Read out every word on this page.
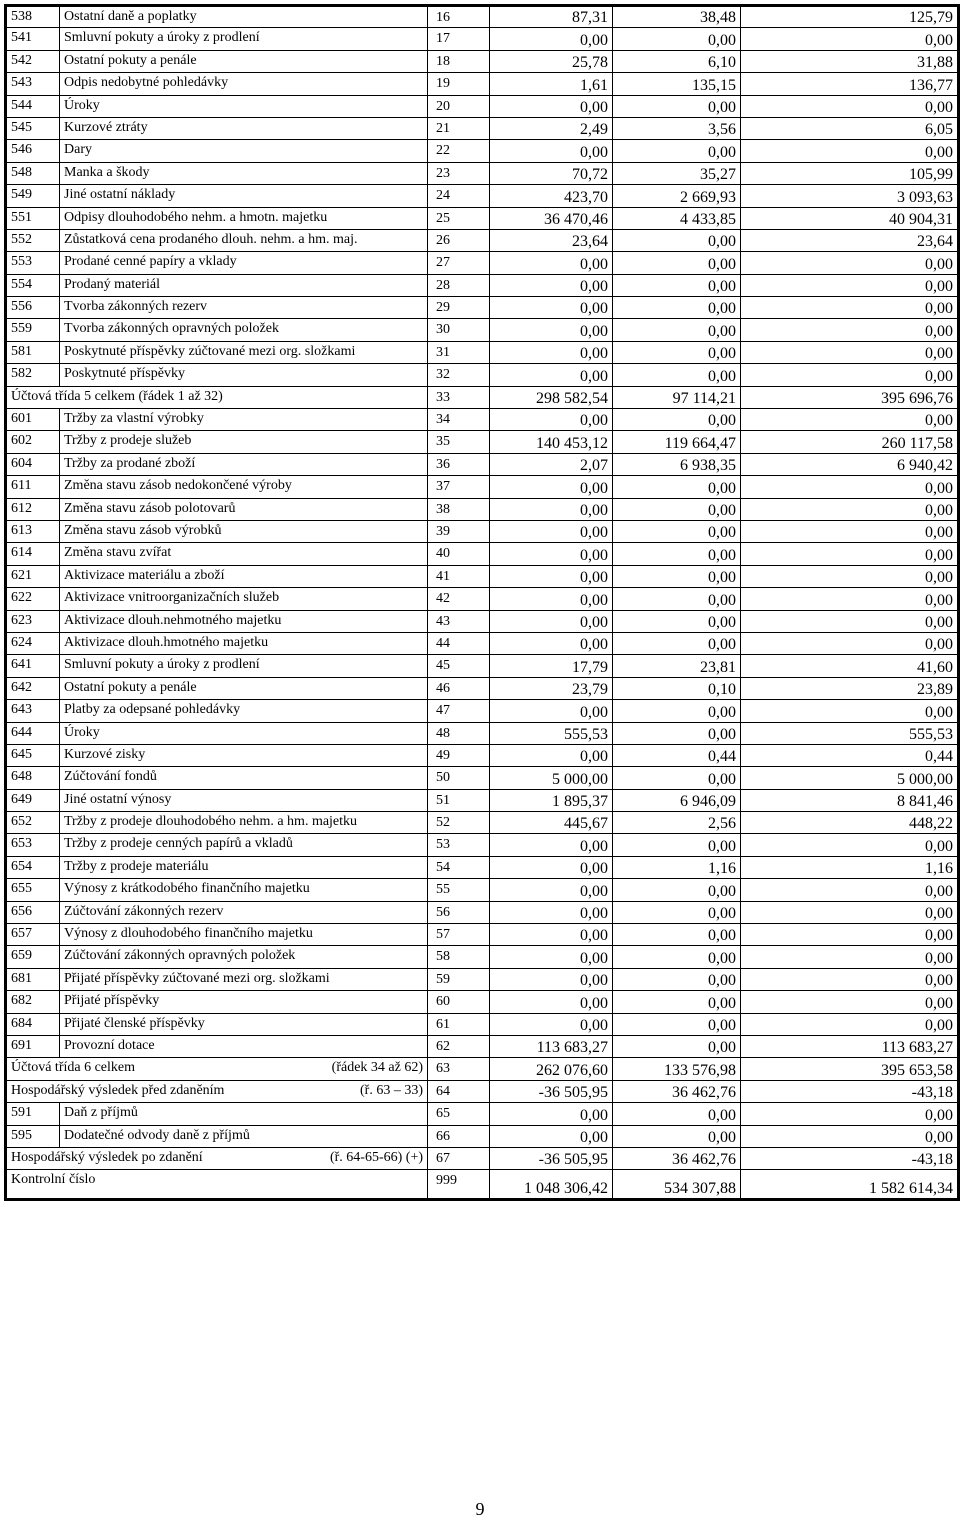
538	Ostatní daně a poplatky	16	87,31	38,48	125,79
541	Smluvní pokuty a úroky z prodlení	17	0,00	0,00	0,00
542	Ostatní pokuty a penále	18	25,78	6,10	31,88
543	Odpis nedobytné pohledávky	19	1,61	135,15	136,77
544	Úroky	20	0,00	0,00	0,00
545	Kurzové ztráty	21	2,49	3,56	6,05
546	Dary	22	0,00	0,00	0,00
548	Manka a škody	23	70,72	35,27	105,99
549	Jiné ostatní náklady	24	423,70	2 669,93	3 093,63
551	Odpisy dlouhodobého nehm. a hmotn. majetku	25	36 470,46	4 433,85	40 904,31
552	Zůstatková cena prodaného dlouh. nehm. a hm. maj.	26	23,64	0,00	23,64
553	Prodané cenné papíry a vklady	27	0,00	0,00	0,00
554	Prodaný materiál	28	0,00	0,00	0,00
556	Tvorba zákonných rezerv	29	0,00	0,00	0,00
559	Tvorba zákonných opravných položek	30	0,00	0,00	0,00
581	Poskytnuté příspěvky zúčtované mezi org. složkami	31	0,00	0,00	0,00
582	Poskytnuté příspěvky	32	0,00	0,00	0,00

Účtová třída 5 celkem (řádek 1 až 32)		33	298 582,54	97 114,21	395 696,76
601	Tržby za vlastní výrobky	34	0,00	0,00	0,00
602	Tržby z prodeje služeb	35	140 453,12	119 664,47	260 117,58
604	Tržby za prodané zboží	36	2,07	6 938,35	6 940,42
611	Změna stavu zásob nedokončené výroby	37	0,00	0,00	0,00
612	Změna stavu zásob polotovarů	38	0,00	0,00	0,00
613	Změna stavu zásob výrobků	39	0,00	0,00	0,00
614	Změna stavu zvířat	40	0,00	0,00	0,00
621	Aktivizace materiálu a zboží	41	0,00	0,00	0,00
622	Aktivizace vnitroorganizačních služeb	42	0,00	0,00	0,00
623	Aktivizace dlouh.nehmotného majetku	43	0,00	0,00	0,00
624	Aktivizace dlouh.hmotného majetku	44	0,00	0,00	0,00
641	Smluvní pokuty a úroky z prodlení	45	17,79	23,81	41,60
642	Ostatní pokuty a penále	46	23,79	0,10	23,89
643	Platby za odepsané pohledávky	47	0,00	0,00	0,00
644	Úroky	48	555,53	0,00	555,53
645	Kurzové zisky	49	0,00	0,44	0,44
648	Zúčtování fondů	50	5 000,00	0,00	5 000,00
649	Jiné ostatní výnosy	51	1 895,37	6 946,09	8 841,46
652	Tržby z prodeje dlouhodobého nehm. a hm. majetku	52	445,67	2,56	448,22
653	Tržby z prodeje cenných papírů a vkladů	53	0,00	0,00	0,00
654	Tržby z prodeje materiálu	54	0,00	1,16	1,16
655	Výnosy z krátkodobého finančního majetku	55	0,00	0,00	0,00
656	Zúčtování zákonných rezerv	56	0,00	0,00	0,00
657	Výnosy z dlouhodobého finančního majetku	57	0,00	0,00	0,00
659	Zúčtování zákonných opravných položek	58	0,00	0,00	0,00
681	Přijaté příspěvky zúčtované mezi org. složkami	59	0,00	0,00	0,00
682	Přijaté příspěvky	60	0,00	0,00	0,00
684	Přijaté členské příspěvky	61	0,00	0,00	0,00
691	Provozní dotace	62	113 683,27	0,00	113 683,27

Účtová třída 6 celkem (řádek 34 až 62)		63	262 076,60	133 576,98	395 653,58

Hospodářský výsledek před zdaněním (ř. 63 – 33)		64	-36 505,95	36 462,76	-43,18
591	Daň z příjmů	65	0,00	0,00	0,00
595	Dodatečné odvody daně z příjmů	66	0,00	0,00	0,00

Hospodářský výsledek po zdanění (ř. 64-65-66) (+)		67	-36 505,95	36 462,76	-43,18

Kontrolní číslo		999	1 048 306,42	534 307,88	1 582 614,34
9
